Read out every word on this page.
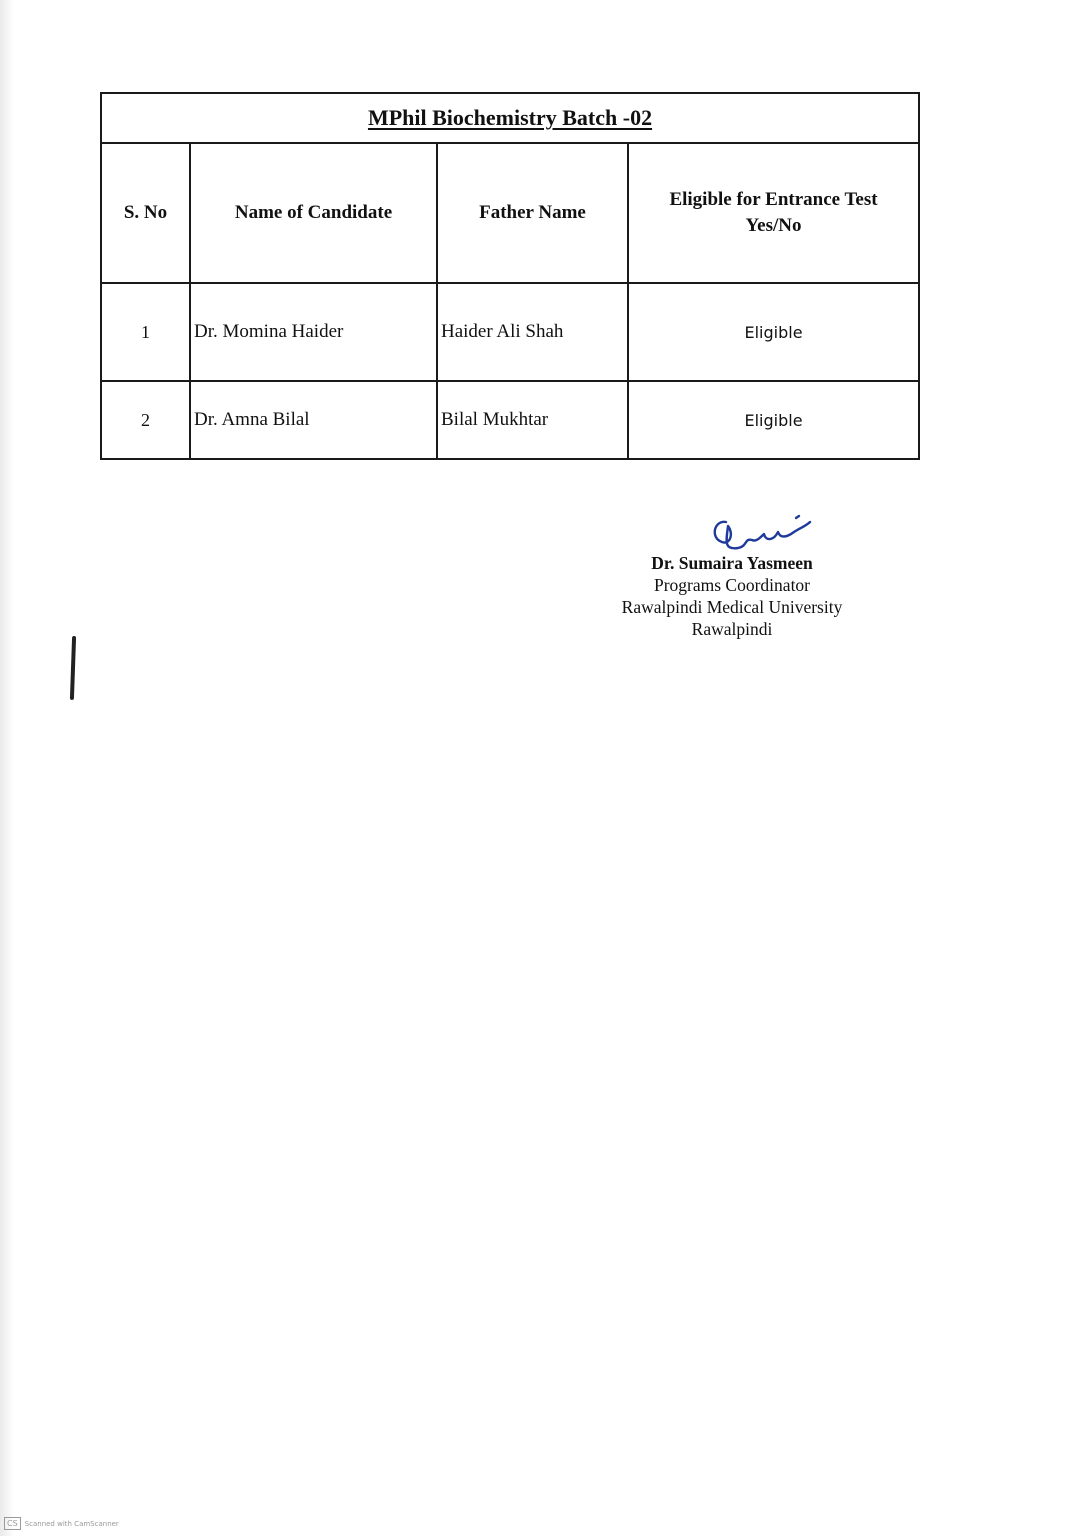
MPhil Biochemistry Batch -02			
S. No	Name of Candidate	Father Name	Eligible for Entrance Test
Yes/No
1	Dr. Momina Haider	Haider Ali Shah	Eligible
2	Dr. Amna Bilal	Bilal Mukhtar	Eligible
Dr. Sumaira Yasmeen
Programs Coordinator
Rawalpindi Medical University
Rawalpindi
CS	Scanned with CamScanner
